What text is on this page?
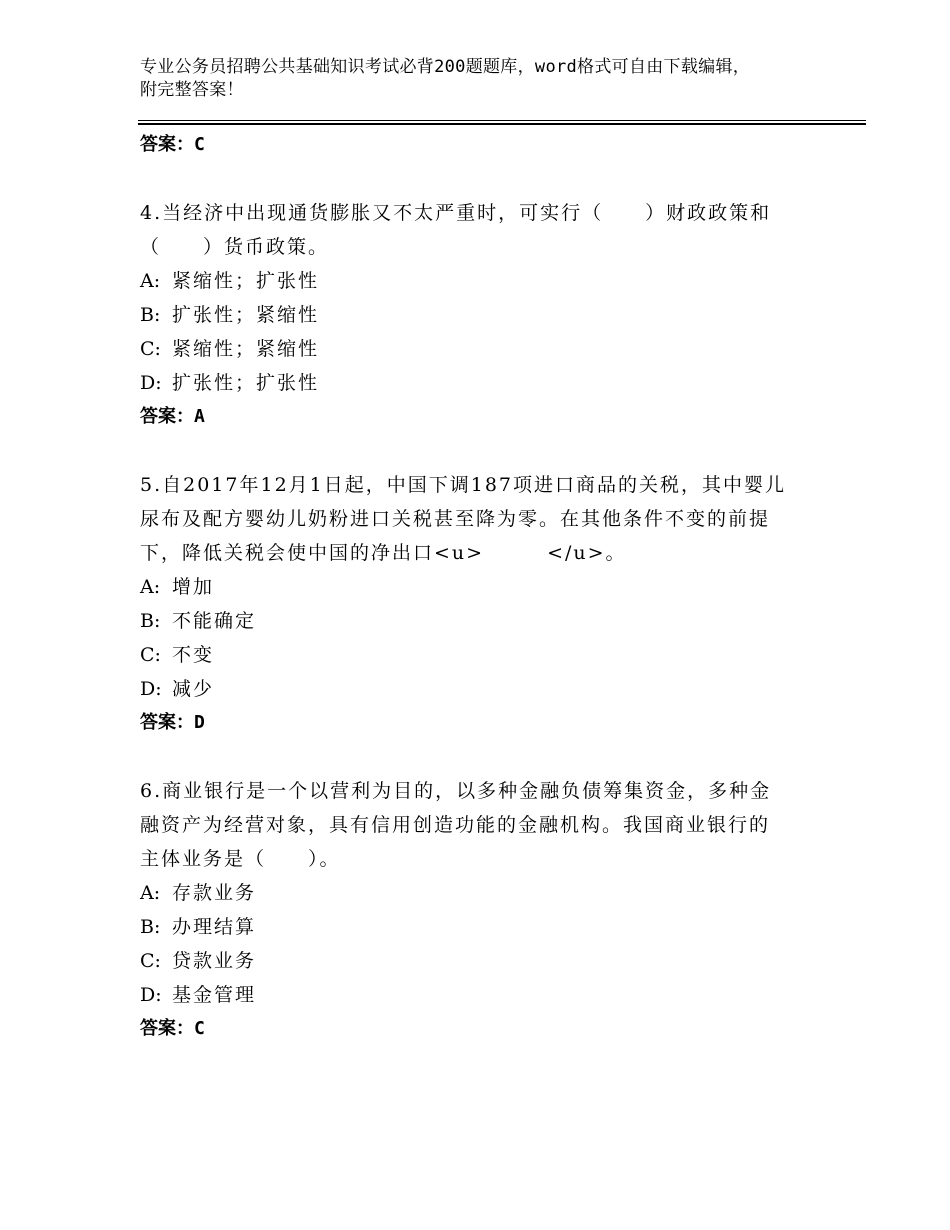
专业公务员招聘公共基础知识考试必背200题题库，word格式可自由下载编辑，
附完整答案！
答案：C
4.当经济中出现通货膨胀又不太严重时，可实行（　　）财政政策和
（　　）货币政策。
A: 紧缩性；扩张性
B: 扩张性；紧缩性
C: 紧缩性；紧缩性
D: 扩张性；扩张性
答案：A
5.自2017年12月1日起，中国下调187项进口商品的关税，其中婴儿
尿布及配方婴幼儿奶粉进口关税甚至降为零。在其他条件不变的前提
下，降低关税会使中国的净出口<u>　　　</u>。
A: 增加
B: 不能确定
C: 不变
D: 减少
答案：D
6.商业银行是一个以营利为目的，以多种金融负债筹集资金，多种金
融资产为经营对象，具有信用创造功能的金融机构。我国商业银行的
主体业务是（　　）。
A: 存款业务
B: 办理结算
C: 贷款业务
D: 基金管理
答案：C
